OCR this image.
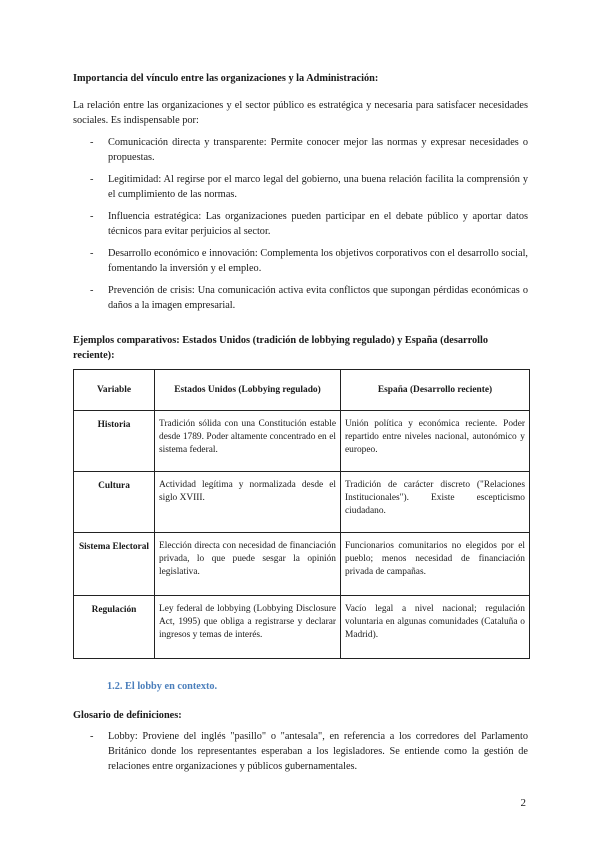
Importancia del vínculo entre las organizaciones y la Administración:
La relación entre las organizaciones y el sector público es estratégica y necesaria para satisfacer necesidades sociales. Es indispensable por:
- Comunicación directa y transparente: Permite conocer mejor las normas y expresar necesidades o propuestas.
- Legitimidad: Al regirse por el marco legal del gobierno, una buena relación facilita la comprensión y el cumplimiento de las normas.
- Influencia estratégica: Las organizaciones pueden participar en el debate público y aportar datos técnicos para evitar perjuicios al sector.
- Desarrollo económico e innovación: Complementa los objetivos corporativos con el desarrollo social, fomentando la inversión y el empleo.
- Prevención de crisis: Una comunicación activa evita conflictos que supongan pérdidas económicas o daños a la imagen empresarial.
Ejemplos comparativos: Estados Unidos (tradición de lobbying regulado) y España (desarrollo reciente):
Variable	Estados Unidos (Lobbying regulado)	España (Desarrollo reciente)

Historia	Tradición sólida con una Constitución estable desde 1789. Poder altamente concentrado en el sistema federal.	Unión política y económica reciente. Poder repartido entre niveles nacional, autonómico y europeo.

Cultura	Actividad legítima y normalizada desde el siglo XVIII.	Tradición de carácter discreto ("Relaciones Institucionales"). Existe escepticismo ciudadano.

Sistema Electoral	Elección directa con necesidad de financiación privada, lo que puede sesgar la opinión legislativa.	Funcionarios comunitarios no elegidos por el pueblo; menos necesidad de financiación privada de campañas.

Regulación	Ley federal de lobbying (Lobbying Disclosure Act, 1995) que obliga a registrarse y declarar ingresos y temas de interés.	Vacío legal a nivel nacional; regulación voluntaria en algunas comunidades (Cataluña o Madrid).
1.2. El lobby en contexto.
Glosario de definiciones:
- Lobby: Proviene del inglés "pasillo" o "antesala", en referencia a los corredores del Parlamento Británico donde los representantes esperaban a los legisladores. Se entiende como la gestión de relaciones entre organizaciones y públicos gubernamentales.
2
